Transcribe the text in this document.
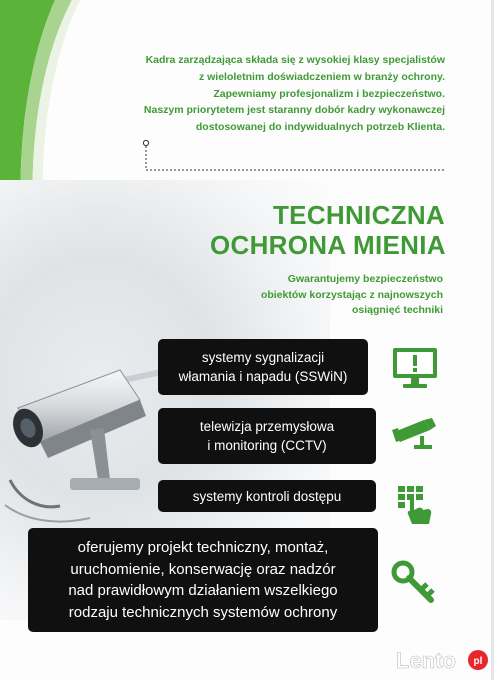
Kadra zarządzająca składa się z wysokiej klasy specjalistów
z wieloletnim doświadczeniem w branży ochrony.
Zapewniamy profesjonalizm i bezpieczeństwo.
Naszym priorytetem jest staranny dobór kadry wykonawczej
dostosowanej do indywidualnych potrzeb Klienta.
TECHNICZNA
OCHRONA MIENIA
Gwarantujemy bezpieczeństwo
obiektów korzystając z najnowszych
osiągnięć techniki
systemy sygnalizacji
włamania i napadu (SSWiN)
telewizja przemysłowa
i monitoring (CCTV)
systemy kontroli dostępu
oferujemy projekt techniczny, montaż,
uruchomienie, konserwację oraz nadzór
nad prawidłowym działaniem wszelkiego
rodzaju technicznych systemów ochrony
Lento pl
